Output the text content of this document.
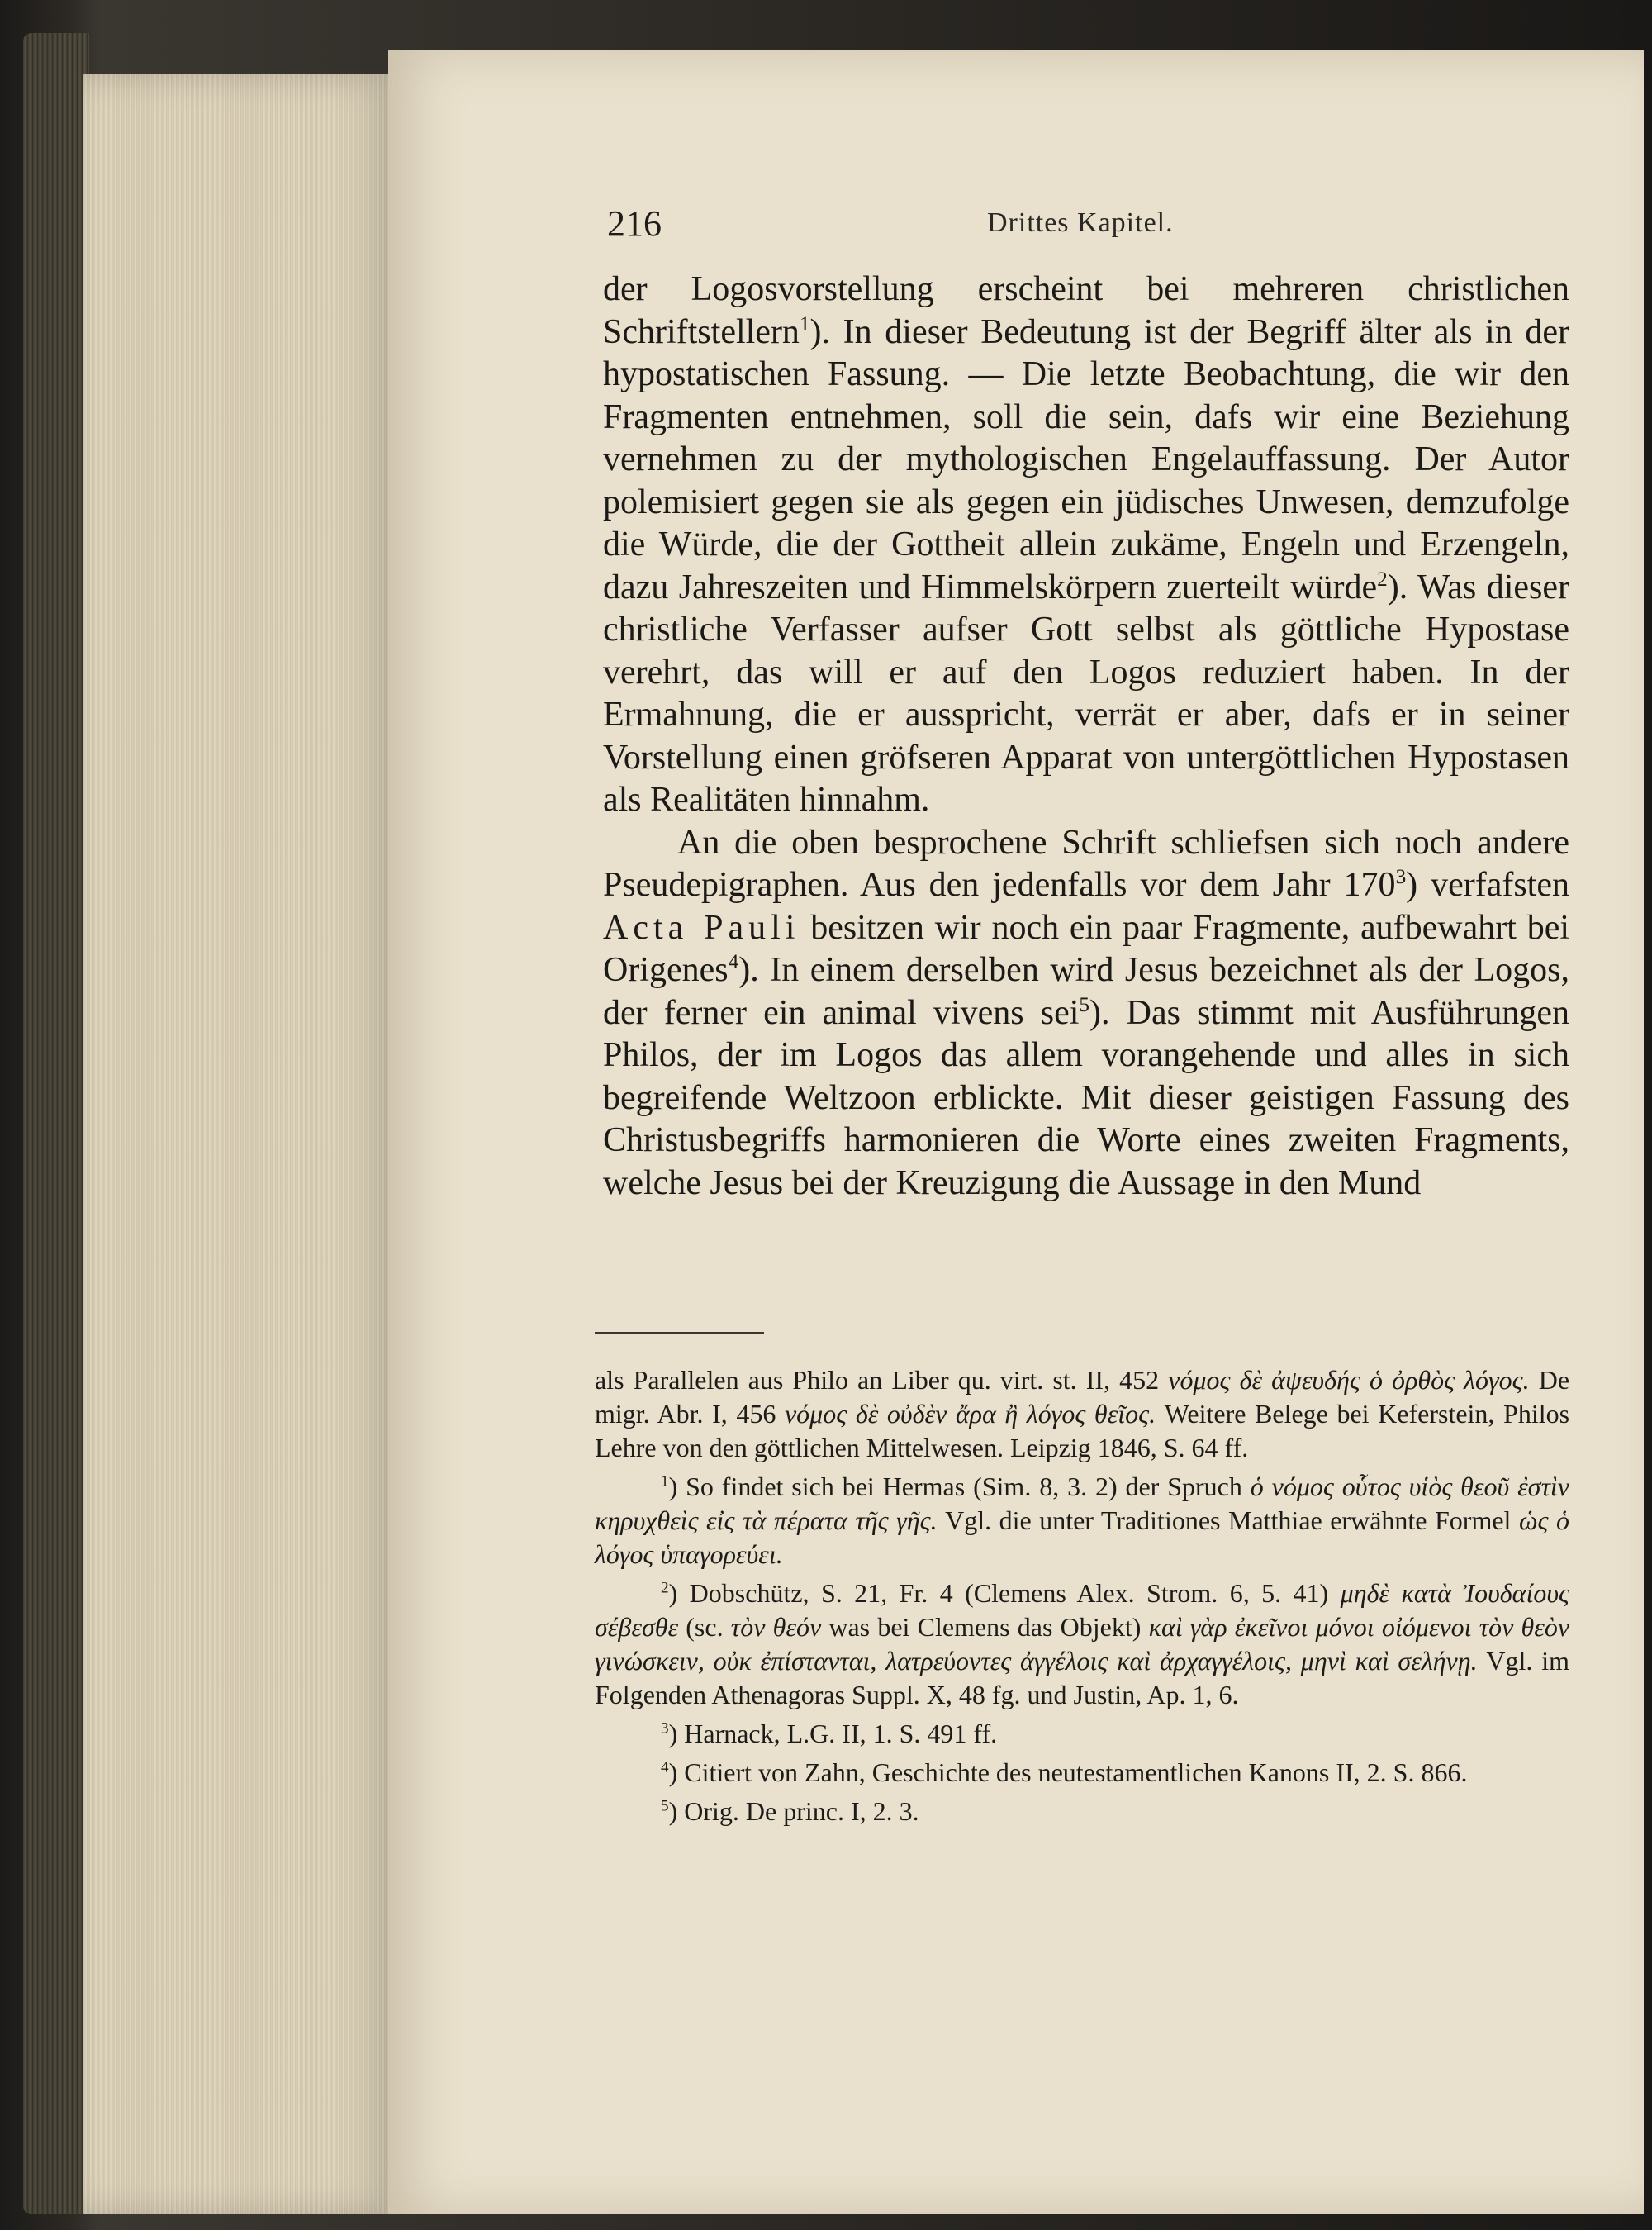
216	Drittes Kapitel.

der Logosvorstellung erscheint bei mehreren christlichen Schriftstellern$^1$). In dieser Bedeutung ist der Begriff älter als in der hypostatischen Fassung. — Die letzte Beobachtung, die wir den Fragmenten entnehmen, soll die sein, dafs wir eine Beziehung vernehmen zu der mythologischen Engelauffassung. Der Autor polemisiert gegen sie als gegen ein jüdisches Unwesen, demzufolge die Würde, die der Gottheit allein zukäme, Engeln und Erzengeln, dazu Jahreszeiten und Himmelskörpern zuerteilt würde$^2$). Was dieser christliche Verfasser aufser Gott selbst als göttliche Hypostase verehrt, das will er auf den Logos reduziert haben. In der Ermahnung, die er ausspricht, verrät er aber, dafs er in seiner Vorstellung einen gröfseren Apparat von untergöttlichen Hypostasen als Realitäten hinnahm.

An die oben besprochene Schrift schliefsen sich noch andere Pseudepigraphen. Aus den jedenfalls vor dem Jahr $170^3$) verfafsten Acta Pauli besitzen wir noch ein paar Fragmente, aufbewahrt bei Origenes$^4$). In einem derselben wird Jesus bezeichnet als der Logos, der ferner ein animal vivens sei$^5$). Das stimmt mit Ausführungen Philos, der im Logos das allem vorangehende und alles in sich begreifende Weltzoon erblickte. Mit dieser geistigen Fassung des Christusbegriffs harmonieren die Worte eines zweiten Fragments, welche Jesus bei der Kreuzigung die Aussage in den Mund

als Parallelen aus Philo an Liber qu. virt. st. II, 452 νόμος δὲ ἀψευδής ὁ ὀρθὸς λόγος. De migr. Abr. I, 456 νόμος δὲ οὐδὲν ἄρα ἢ λόγος θεῖος. Weitere Belege bei Keferstein, Philos Lehre von den göttlichen Mittelwesen. Leipzig 1846, S. 64 ff.

$^1$) So findet sich bei Hermas (Sim. 8, 3. 2) der Spruch ὁ νόμος οὗτος υἱὸς θεοῦ ἐστὶν κηρυχθεὶς εἰς τὰ πέρατα τῆς γῆς. Vgl. die unter Traditiones Matthiae erwähnte Formel ὡς ὁ λόγος ὑπαγορεύει.

$^2$) Dobschütz, S. 21, Fr. 4 (Clemens Alex. Strom. 6, 5. 41) μηδὲ κατὰ Ἰουδαίους σέβεσθε (sc. τὸν θεόν was bei Clemens das Objekt) καὶ γὰρ ἐκεῖνοι μόνοι οἰόμενοι τὸν θεὸν γινώσκειν, οὐκ ἐπίστανται, λατρεύοντες ἀγγέλοις καὶ ἀρχαγγέλοις, μηνὶ καὶ σελήνῃ. Vgl. im Folgenden Athenagoras Suppl. X, 48 fg. und Justin, Ap. 1, 6.

$^3$) Harnack, L.G. II, 1. S. 491 ff.

$^4$) Citiert von Zahn, Geschichte des neutestamentlichen Kanons II, 2. S. 866.

$^5$) Orig. De princ. I, 2. 3.
